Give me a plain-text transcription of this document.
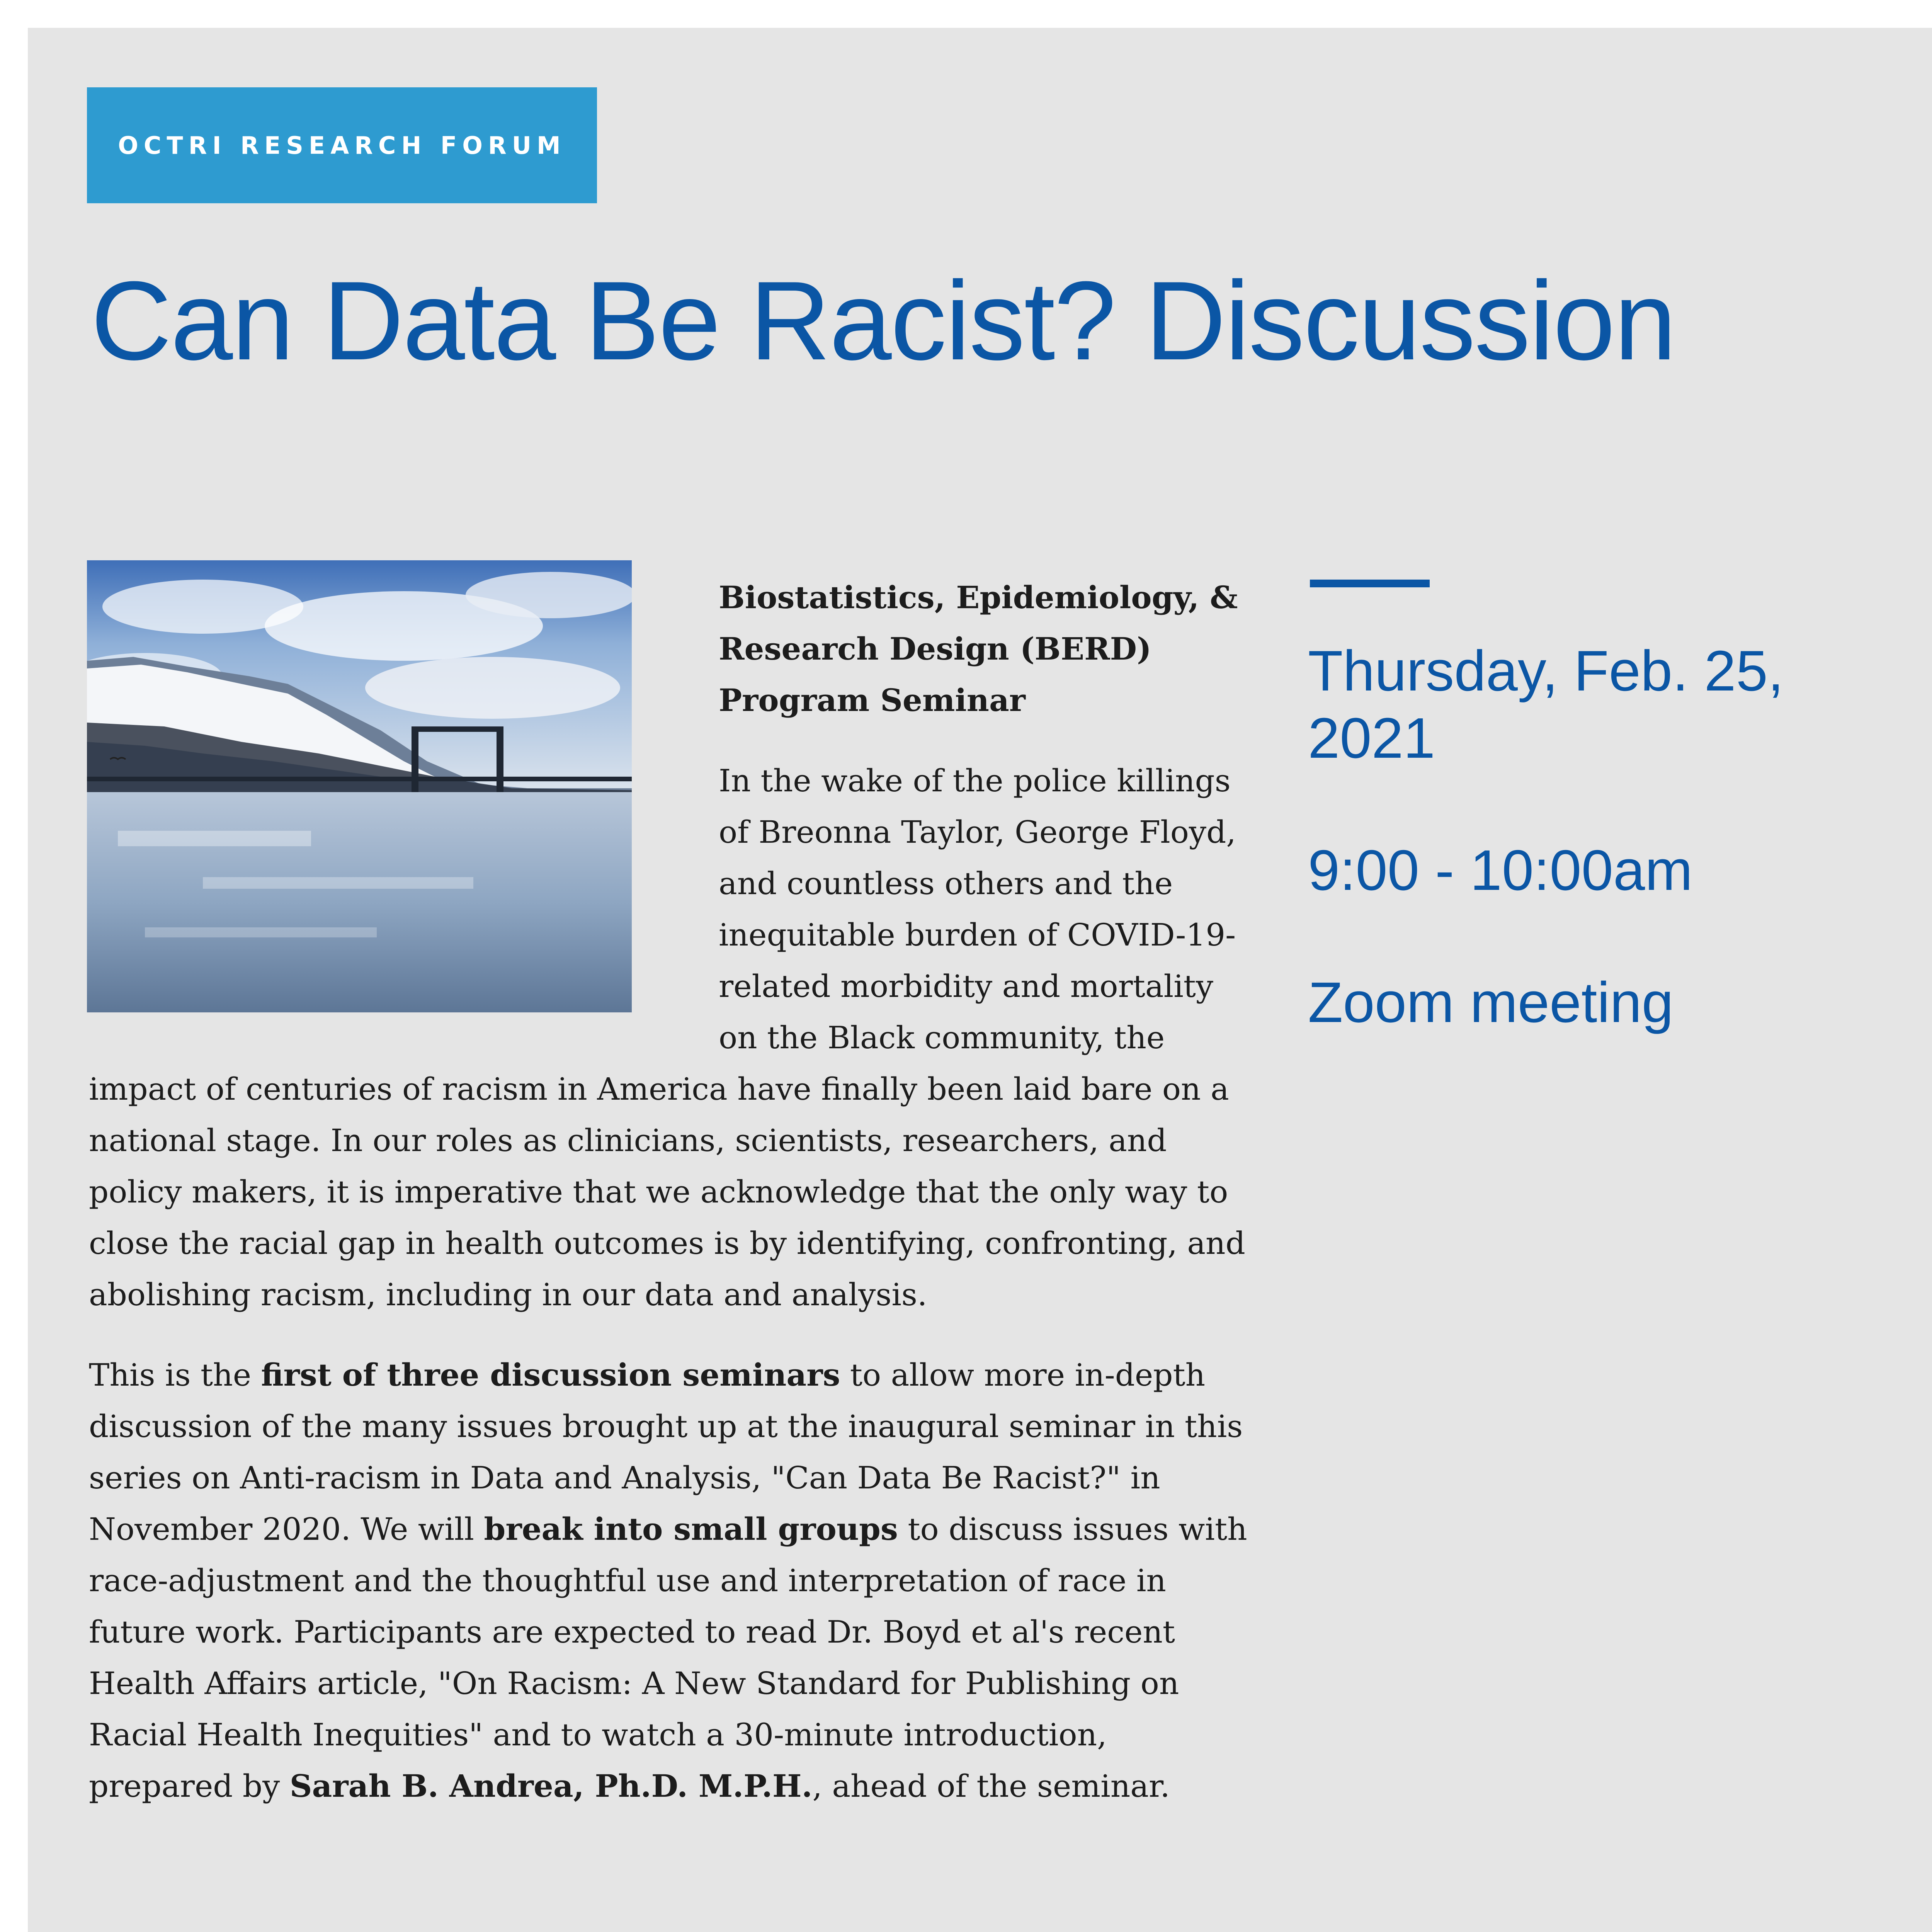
OCTRI RESEARCH FORUM
Can Data Be Racist? Discussion
Biostatistics, Epidemiology, & Research Design (BERD) Program Seminar

In the wake of the police killings of Breonna Taylor, George Floyd, and countless others and the inequitable burden of COVID-19-related morbidity and mortality on the Black community, the impact of centuries of racism in America have finally been laid bare on a national stage. In our roles as clinicians, scientists, researchers, and policy makers, it is imperative that we acknowledge that the only way to close the racial gap in health outcomes is by identifying, confronting, and abolishing racism, including in our data and analysis.

This is the first of three discussion seminars to allow more in-depth discussion of the many issues brought up at the inaugural seminar in this series on Anti-racism in Data and Analysis, "Can Data Be Racist?" in November 2020. We will break into small groups to discuss issues with race-adjustment and the thoughtful use and interpretation of race in future work. Participants are expected to read Dr. Boyd et al's recent Health Affairs article, "On Racism: A New Standard for Publishing on Racial Health Inequities" and to watch a 30-minute introduction, prepared by Sarah B. Andrea, Ph.D. M.P.H., ahead of the seminar.

Thursday, Feb. 25, 2021
9:00 - 10:00am
Zoom meeting
